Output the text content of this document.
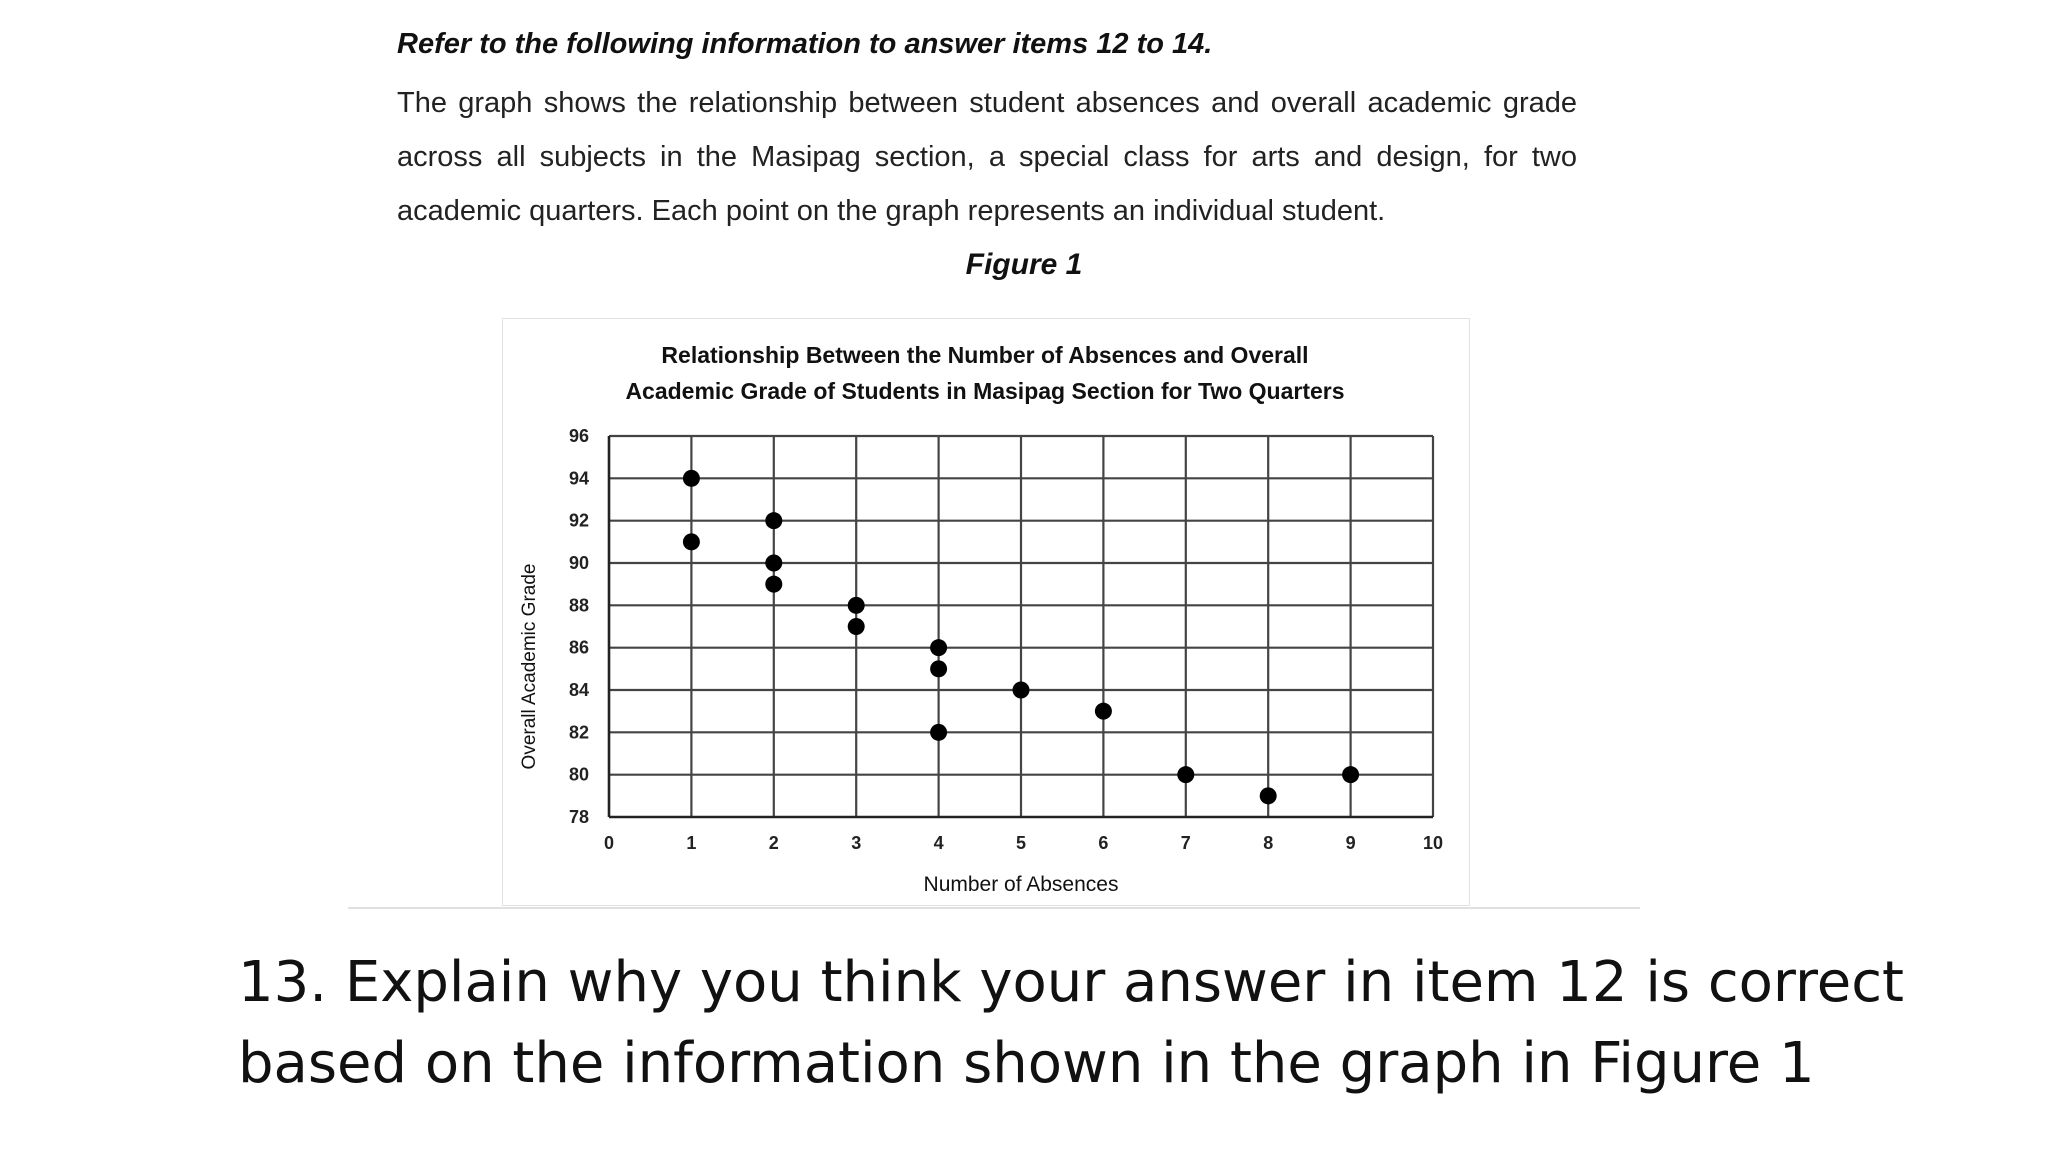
Refer to the following information to answer items 12 to 14.

The graph shows the relationship between student absences and overall academic grade across all subjects in the Masipag section, a special class for arts and design, for two academic quarters. Each point on the graph represents an individual student.

Figure 1
Relationship Between the Number of Absences and Overall
Academic Grade of Students in Masipag Section for Two Quarters
0	1	2	3	4	5	6	7	8	9	10
78
80
82
84
86
88
90
92
94
96
Number of Absences
Overall Academic Grade
13. Explain why you think your answer in item 12 is correct based on the information shown in the graph in Figure 1
